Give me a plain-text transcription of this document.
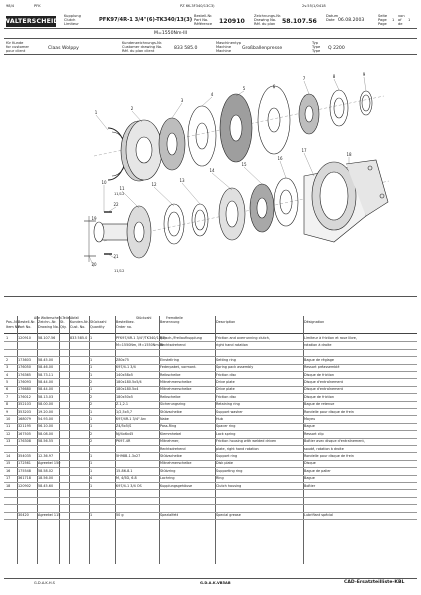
98/4	PFK	PZ 6K-3F340/13C3)	2v.55/1/0418
WALTERSCHEID
Kupplung
Clutch
Limiteur
PFK97/4R-1 3/4"(6)-TK340/13(3)
Bestell-Nr.
Part No.
Référence 120910
Zeichnungs-Nr.
Drawing No.
Réf. du plan 58.107.56
Datum
Date 06.08.2003
Seite
Page
Page
1
von
of
de
1
M=1550Nm-III
für Kunde
for customer
pour client	Claas Wolppy
Kundenzeichnungs-Nr.
Customer drawing No.
Réf. du plan client	833 585.0
Maschinentyp
Machine
Machine Großballenpresse
Typ
Type
Type Q 2200
1
2
3
4
5	6
7	8	9
10
11
12
13
14
15
16
17
18
19
20
21
22
11/12
11/12
Alle Walterscheid-Teile Abfall	Stückzahl	Fremdteile
Pos.-Nr.
Item No.
Bestell-Nr.
Part No.
Zeichn.-Nr.
Drawing No.
St.
Qty.
Kunden-Nr.
Cust. No.
Stückzahl
Quantity
Bestellbez.
Order no.
Benennung	Description	Désignation
1	120910	58.107.56	833 585.0 1	PFK97/4R-1 3/4"/TK340/13(3)
Rutsch-/Freilaufkupplung	Friction and overrunning clutch,	Limiteur à friction et roue libre,
M=1550Nm, M=1550Nm-III
Rechtsdrehend	right hand rotation	rotation à droite
2	173603	58.45.00	1	Z80x75	Einstellring	Setting ring	Bague de réglage
3	176050	58.46.00	1	K97/4-1 3/4	Federpaket, vormont.	Spring pack assembly	Ressort préassemblé
4	176365	58.73.11	1	140x58x5	Reibscheibe	Friction disc	Disque de friction
5	176093	58.44.00	2	180x180.5x5/4	Mitnehmerscheibe	Drive plate	Disque d'entraînement
6	176680	58.44.00	1	180x180.5x4	Mitnehmerscheibe	Drive plate	Disque d'entraînement
7	176012	58.13.03	2	180x50x5	Reibscheibe	Friction disc	Disque de friction
8	352103	58.00.00	2	Z.1,2.1	Sicherungsring	Retaining ring	Bague de retenue
9	353203	19.20.00	1	1/2,5x5,7	Stützscheibe	Support washer	Rondelle pour disque de frein
10	168079	54.93.00	1	K97/4R-1 3/4" Arc	Nabe	Hub	Moyeu
11	321195	56.10.00	1	Z4/5x5/S	Pass-Ring	Spacer ring	Bague
12	167505	58.08.00	2	NJ/4x6x45	Klemmhebel	Lock spring	Ressort clip
13	176308	58.56.55	2	PK97-4R	Mitnehmer,	Friction housing with welded driven	Boîtier avec disque d'entraînement,
Rechtsdrehend	plate, right hand rotation	soudé, rotation à droite
14	354035	12.36.97	1	5H98B-1.3x27	Stützscheibe	Support ring	Rondelle pour disque de frein
15	172561	Agreekel 150	1	Mitnehmerscheibe	Disk plate	Disque
16	175548	58.58.02	1	15-86-8.1	Stützring	Supporting ring	Bague de palier
17	361718	18.56.00	4	M, 4/5D, 6.8	Lochring	Ring	Bague
18	120902	58.45.60	1	K97/4-1 3/4 OS	Kupplungsgehäuse	Clutch housing	Boîtier
30420	Agreekel 115	1	50 g	Spezialfett	Special grease	Lubrifiant spécial
G.D.A.K.H.S	G.D.A.K.VB5AB	CAD-Ersatzteilliste-KBL
